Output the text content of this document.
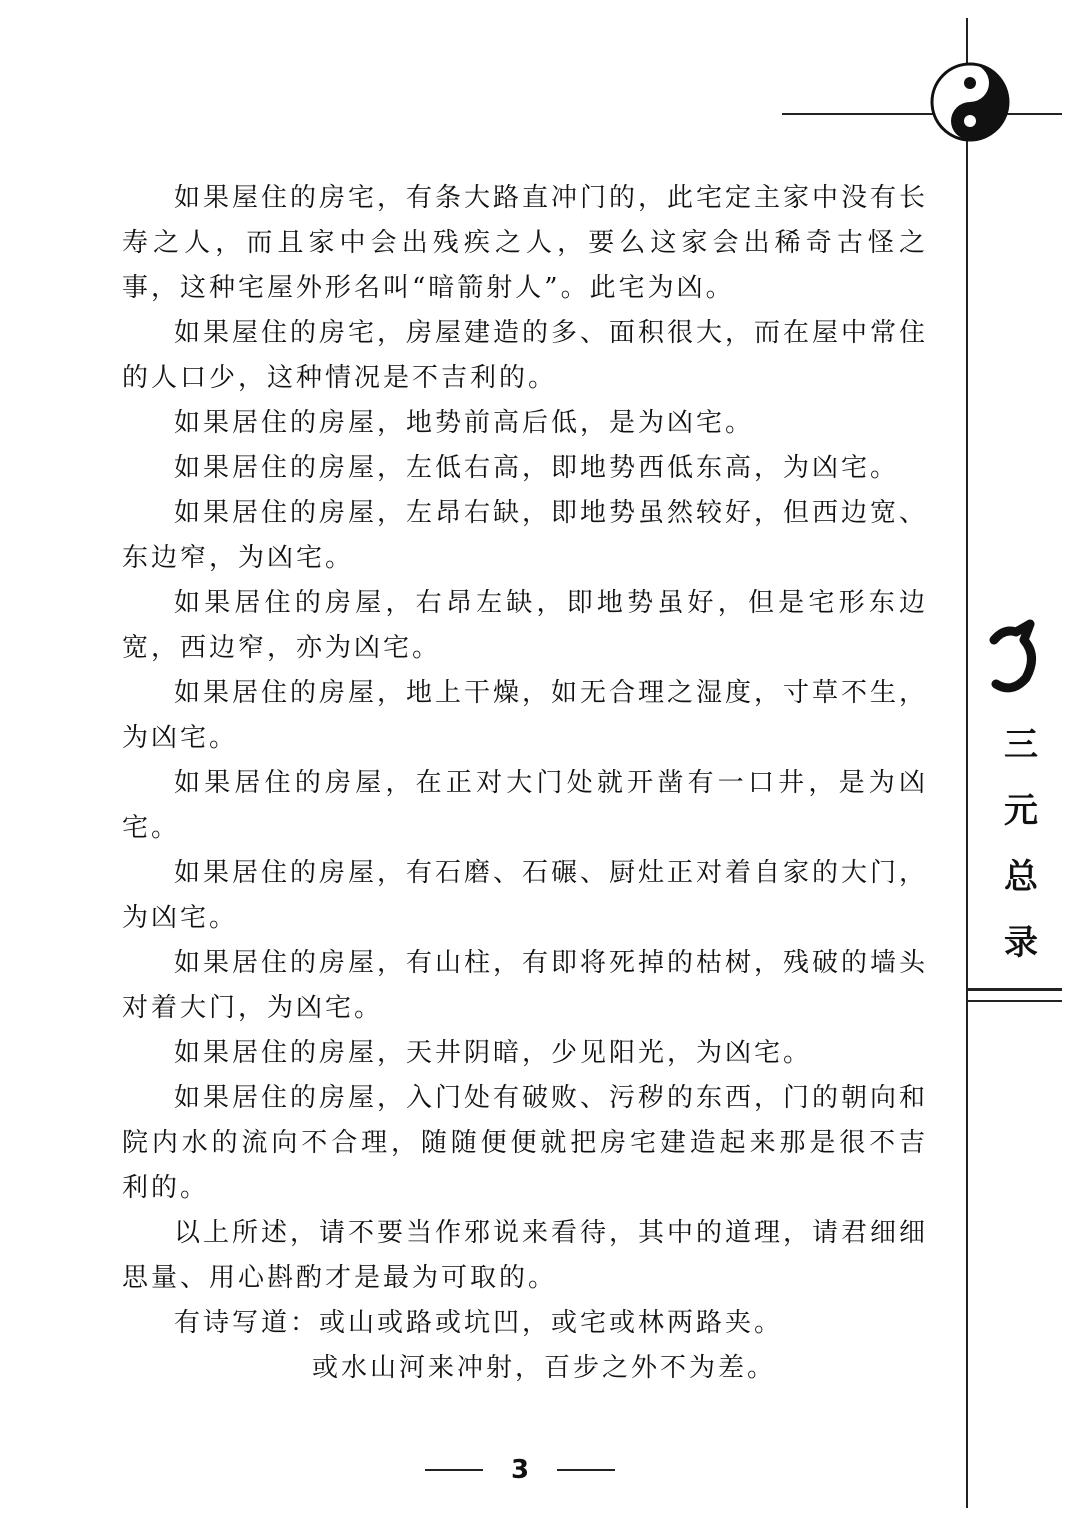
三
元
总
录

如果屋住的房宅，有条大路直冲门的，此宅定主家中没有长寿之人，而且家中会出残疾之人，要么这家会出稀奇古怪之事，这种宅屋外形名叫“暗箭射人”。此宅为凶。

如果屋住的房宅，房屋建造的多、面积很大，而在屋中常住的人口少，这种情况是不吉利的。

如果居住的房屋，地势前高后低，是为凶宅。

如果居住的房屋，左低右高，即地势西低东高，为凶宅。

如果居住的房屋，左昂右缺，即地势虽然较好，但西边宽、东边窄，为凶宅。

如果居住的房屋，右昂左缺，即地势虽好，但是宅形东边宽，西边窄，亦为凶宅。

如果居住的房屋，地上干燥，如无合理之湿度，寸草不生，为凶宅。

如果居住的房屋，在正对大门处就开凿有一口井，是为凶宅。

如果居住的房屋，有石磨、石碾、厨灶正对着自家的大门，为凶宅。

如果居住的房屋，有山柱，有即将死掉的枯树，残破的墙头对着大门，为凶宅。

如果居住的房屋，天井阴暗，少见阳光，为凶宅。

如果居住的房屋，入门处有破败、污秽的东西，门的朝向和院内水的流向不合理，随随便便就把房宅建造起来那是很不吉利的。

以上所述，请不要当作邪说来看待，其中的道理，请君细细思量、用心斟酌才是最为可取的。

有诗写道：或山或路或坑凹，或宅或林两路夹。
或水山河来冲射，百步之外不为差。
3
